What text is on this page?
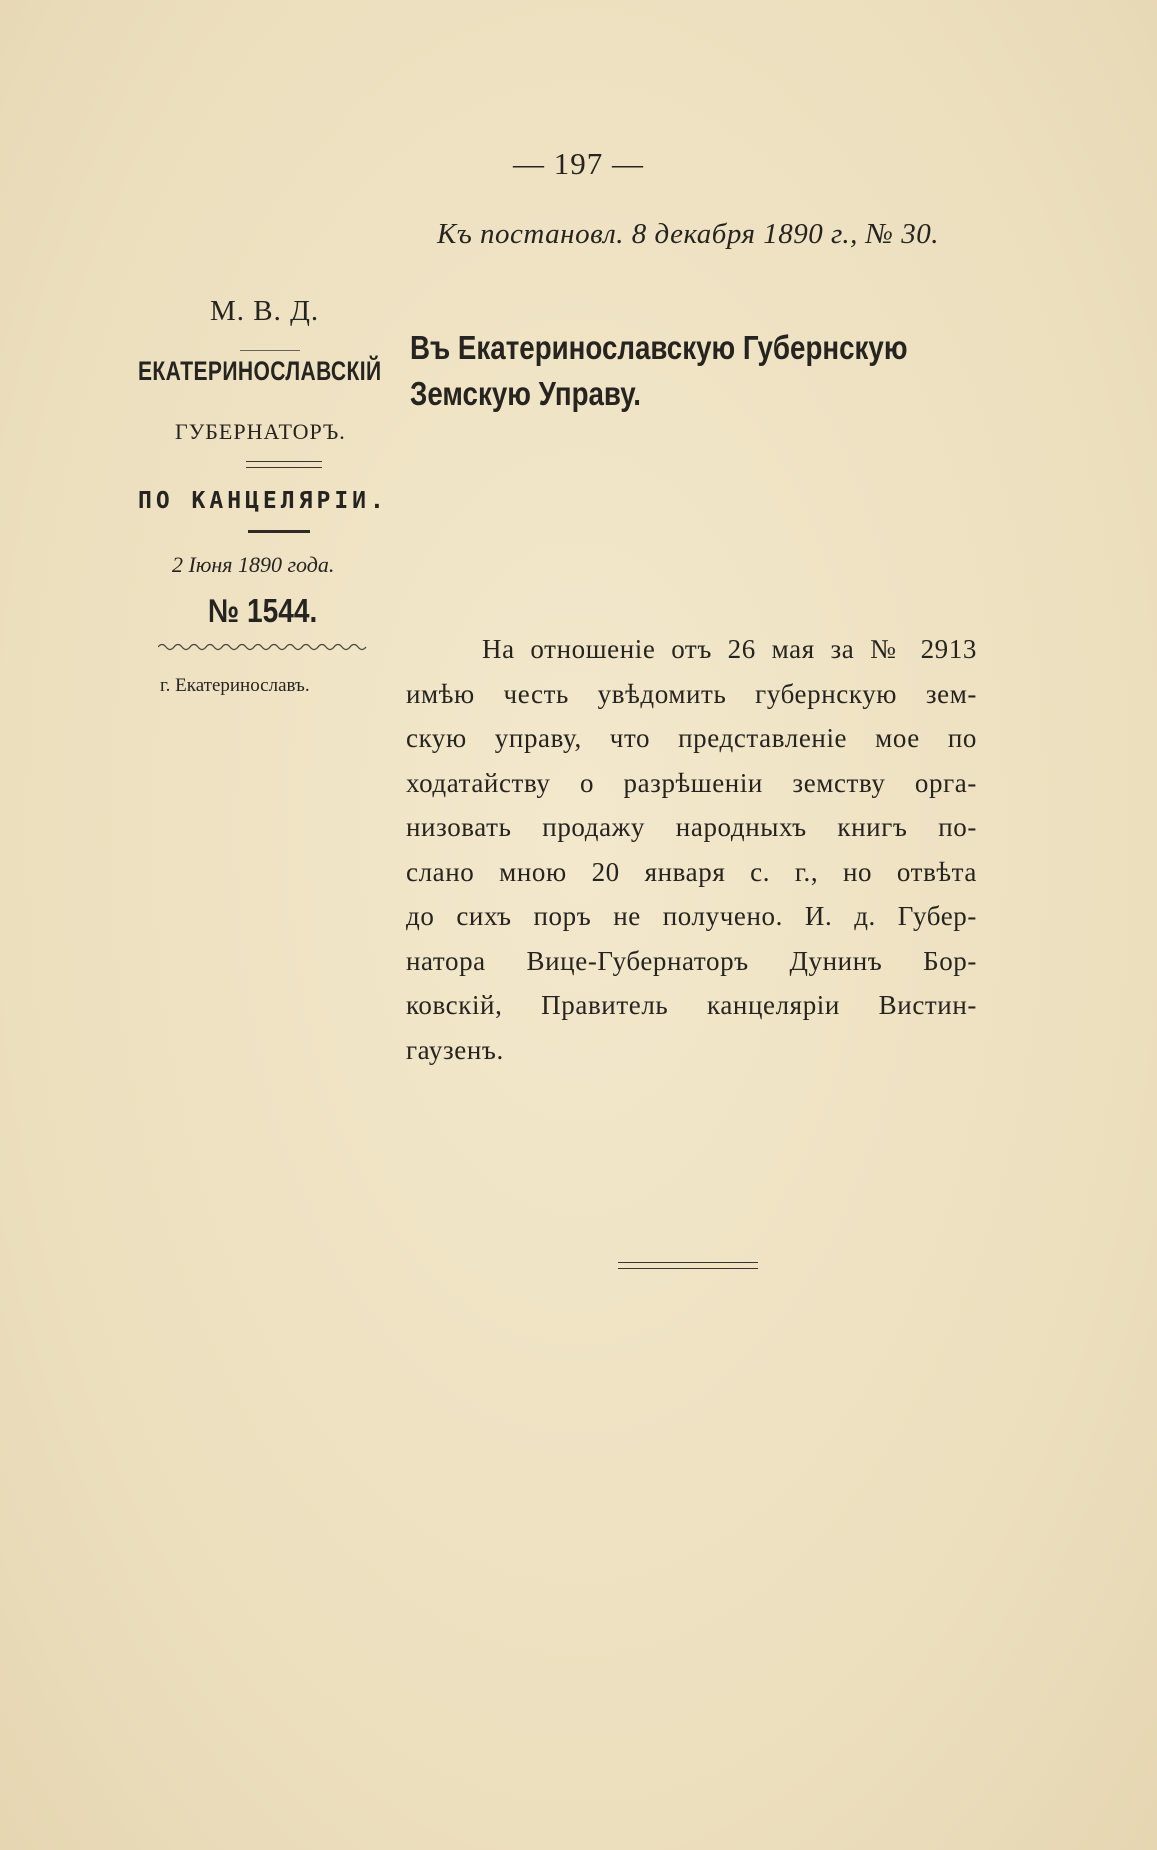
— 197 —
Къ постановл. 8 декабря 1890 г., № 30.
М. В. Д.
ЕКАТЕРИНОСЛАВСКІЙ
ГУБЕРНАТОРЪ.
ПО КАНЦЕЛЯРІИ.
2 Іюня 1890 года.
№ 1544.
г. Екатеринославъ.
Въ Екатеринославскую Губернскую
Земскую Управу.
На отношеніе отъ 26 мая за № 2913
имѣю честь увѣдомить губернскую зем-
скую управу, что представленіе мое по
ходатайству о разрѣшеніи земству орга-
низовать продажу народныхъ книгъ по-
слано мною 20 января с. г., но отвѣта
до сихъ поръ не получено. И. д. Губер-
натора Вице-Губернаторъ Дунинъ Бор-
ковскій, Правитель канцеляріи Вистин-
гаузенъ.
